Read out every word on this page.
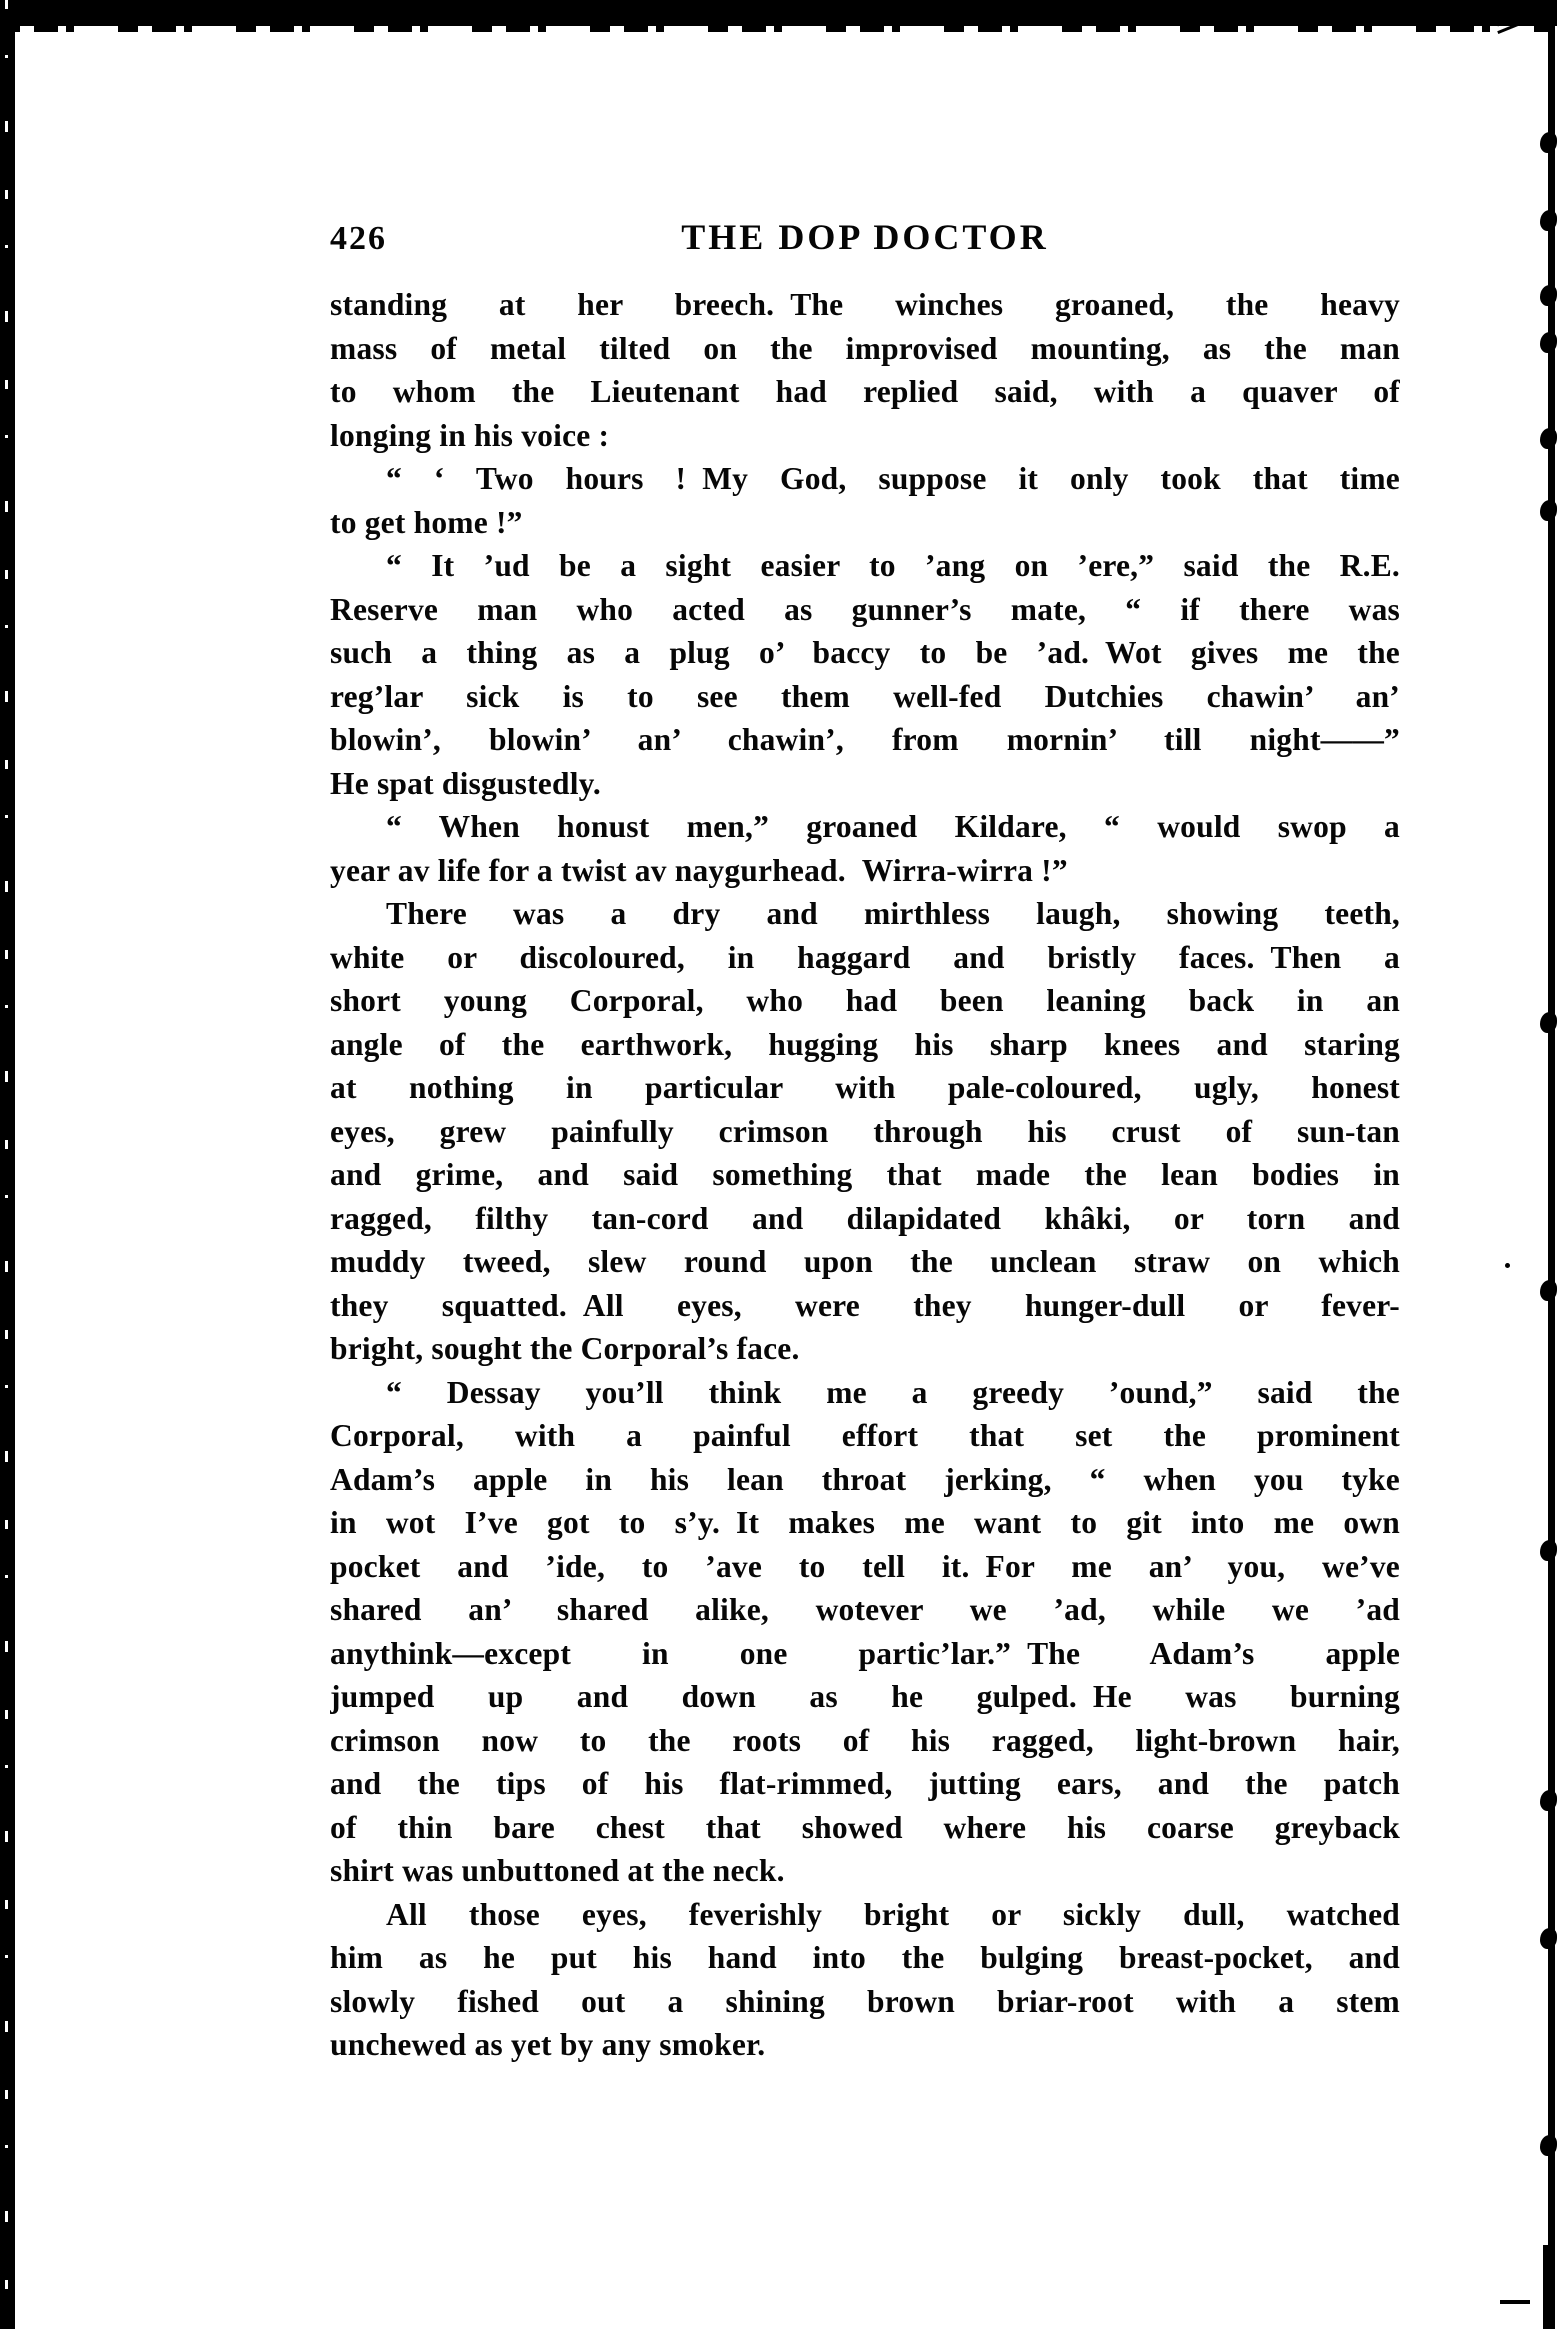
426	THE DOP DOCTOR
standing at her breech. The winches groaned, the heavy
mass of metal tilted on the improvised mounting, as the man
to whom the Lieutenant had replied said, with a quaver of
longing in his voice :
“ ‘ Two hours ! My God, suppose it only took that time
to get home !”
“ It ’ud be a sight easier to ’ang on ’ere,” said the R.E.
Reserve man who acted as gunner’s mate, “ if there was
such a thing as a plug o’ baccy to be ’ad. Wot gives me the
reg’lar sick is to see them well-fed Dutchies chawin’ an’
blowin’, blowin’ an’ chawin’, from mornin’ till night——”
He spat disgustedly.
“ When honust men,” groaned Kildare, “ would swop a
year av life for a twist av naygurhead. Wirra-wirra !”
There was a dry and mirthless laugh, showing teeth,
white or discoloured, in haggard and bristly faces. Then a
short young Corporal, who had been leaning back in an
angle of the earthwork, hugging his sharp knees and staring
at nothing in particular with pale-coloured, ugly, honest
eyes, grew painfully crimson through his crust of sun-tan
and grime, and said something that made the lean bodies in
ragged, filthy tan-cord and dilapidated khâki, or torn and
muddy tweed, slew round upon the unclean straw on which
they squatted. All eyes, were they hunger-dull or fever-
bright, sought the Corporal’s face.
“ Dessay you’ll think me a greedy ’ound,” said the
Corporal, with a painful effort that set the prominent
Adam’s apple in his lean throat jerking, “ when you tyke
in wot I’ve got to s’y. It makes me want to git into me own
pocket and ’ide, to ’ave to tell it. For me an’ you, we’ve
shared an’ shared alike, wotever we ’ad, while we ’ad
anythink—except in one partic’lar.” The Adam’s apple
jumped up and down as he gulped. He was burning
crimson now to the roots of his ragged, light-brown hair,
and the tips of his flat-rimmed, jutting ears, and the patch
of thin bare chest that showed where his coarse greyback
shirt was unbuttoned at the neck.
All those eyes, feverishly bright or sickly dull, watched
him as he put his hand into the bulging breast-pocket, and
slowly fished out a shining brown briar-root with a stem
unchewed as yet by any smoker.
